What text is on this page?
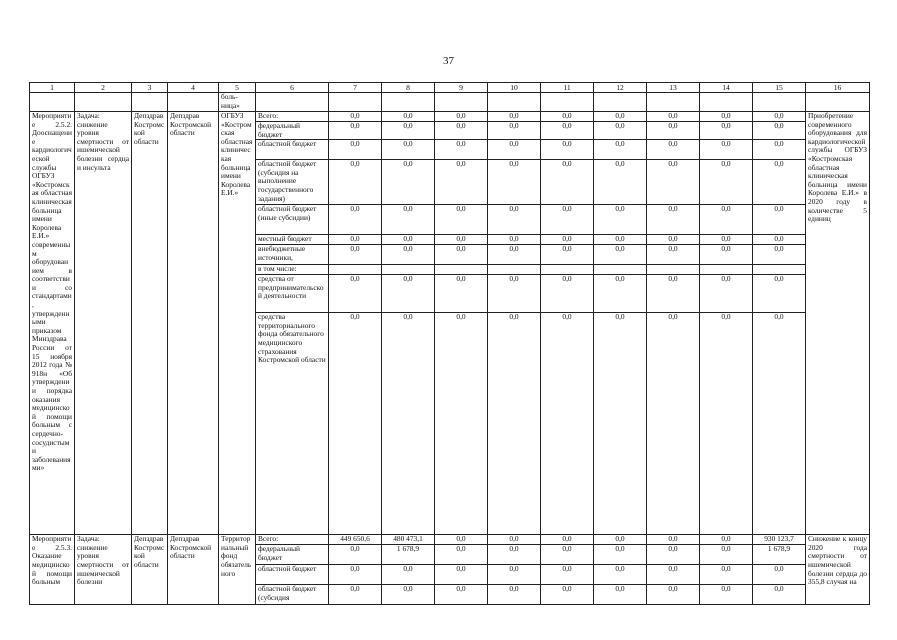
37
1	2	3	4	5	6	7	8	9	10	11	12	13	14	15	16
				боль-ница»											
Мероприятие 2.5.2. Дооснащение кардиологической службы ОГБУЗ «Костромская областная клиническая больница имени Королева Е.И.» современным оборудованием в соответствии со стандартами, утвержденными приказом Минздрава России от 15 ноября 2012 года № 918н «Об утверждении порядка оказания медицинской помощи больным с сердечно-сосудистыми заболеваниями»	Задача: снижение уровня смертности от ишемической болезни сердца и инсульта	Депздрав Костромской области	Депздрав Костромской области	ОГБУЗ «Костромская областная клиническая больница имени Королева Е.И.»	Всего:	0,0	0,0	0,0	0,0	0,0	0,0	0,0	0,0	0,0	Приобретение современного оборудования для кардиологической службы ОГБУЗ «Костромская областная клиническая больница имени Королева Е.И.» в 2020 году в количестве 5 единиц
					федеральный бюджет	0,0	0,0	0,0	0,0	0,0	0,0	0,0	0,0	0,0	
					областной бюджет	0,0	0,0	0,0	0,0	0,0	0,0	0,0	0,0	0,0	
					областной бюджет (субсидия на выполнение государственного задания)	0,0	0,0	0,0	0,0	0,0	0,0	0,0	0,0	0,0	
					областной бюджет (иные субсидии)	0,0	0,0	0,0	0,0	0,0	0,0	0,0	0,0	0,0	
					местный бюджет	0,0	0,0	0,0	0,0	0,0	0,0	0,0	0,0	0,0	
					внебюджетные источники,	0,0	0,0	0,0	0,0	0,0	0,0	0,0	0,0	0,0	
					в том числе:										
					средства от предпринимательской деятельности	0,0	0,0	0,0	0,0	0,0	0,0	0,0	0,0	0,0	
					средства территориального фонда обязательного медицинского страхования Костромской области	0,0	0,0	0,0	0,0	0,0	0,0	0,0	0,0	0,0	
Мероприятие 2.5.3. Оказание медицинской помощи больным	Задача: снижение уровня смертности от ишемической болезни	Депздрав Костромской области	Депздрав Костромской области	Территориальный фонд обязательного	Всего:	449 650,6	480 473,1	0,0	0,0	0,0	0,0	0,0	0,0	930 123,7	Снижение к концу 2020 года смертности от ишемической болезни сердца до 355,8 случая на
					федеральный бюджет	0,0	1 678,9	0,0	0,0	0,0	0,0	0,0	0,0	1 678,9	
					областной бюджет	0,0	0,0	0,0	0,0	0,0	0,0	0,0	0,0	0,0	
					областной бюджет (субсидия	0,0	0,0	0,0	0,0	0,0	0,0	0,0	0,0	0,0	
